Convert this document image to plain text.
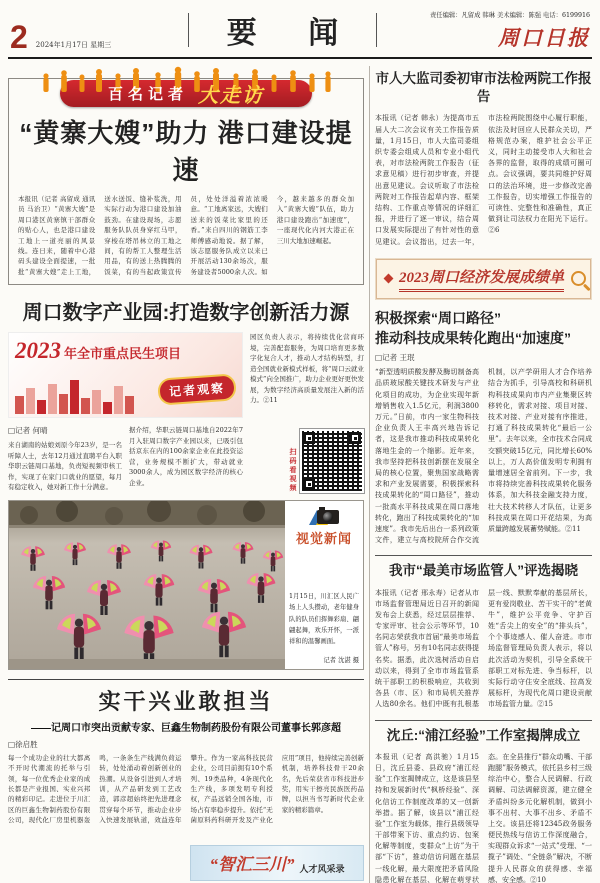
2 2024年1月17日 星期三	要 闻
责任编辑：凡留成 韩琳 美术编辑：陈强 电话：6199916
周口日报
百名记者 大走访
“黄寨大嫂”助力 港口建设提速
本报讯（记者 高留成 通讯员 马治卫）“黄寨大嫂”是周口港区黄寨镇干部群众的贴心人，也是港口建设工地上一道亮丽的风景线。连日来，随着中心港码头建设全面提速，一批批“黄寨大嫂”走上工地，送水送饭、缝补浆洗，用实际行动为港口建设加油鼓劲。在建设现场，志愿服务队队员身穿红马甲，穿梭在塔吊林立的工地之间，有的帮工人整理生活用品，有的送上热腾腾的饭菜，有的当起政策宣传员，处处洋溢着浓浓暖意。“工地离家远，大嫂们送来的饭菜比家里的还香。”来自四川的钢筋工李师傅感动地说。据了解，该志愿服务队成立以来已开展活动130余场次，服务建设者5000余人次。如今，越来越多的群众加入“黄寨大嫂”队伍，助力港口建设跑出“加速度”，一座现代化内河大港正在三川大地加速崛起。
周口数字产业园:打造数字创新活力源
2023 年全市重点民生项目
记者观察
□记者 何晴
来自湖南的姑娘刘原今年23岁，是一名听障人士，去年12月通过直聘平台入职华职云链周口基地，负责短视频审核工作，实现了在家门口就业的愿望，每月有稳定收入，她对新工作十分满意。
据介绍，华职云链周口基地自2022年7月入驻周口数字产业园以来，已吸引包括京东在内的100余家企业在此投资运营，业务规模不断扩大，带动就业3000余人，成为园区数字经济的核心企业。
园区负责人表示，将持续优化营商环境，完善配套服务，为周口培育更多数字化复合人才，推动人才结构转型，打造全国就业新模式样板，将“周口云就业模式”向全国推广，助力企业更好更快发展，为数字经济高质量发展注入新的活力。②11
扫码看视频
视觉新闻

1月15日，川汇区人民广场上人头攒动，老年健身队的队员们挥舞彩扇、翩翩起舞，欢乐开怀，一派祥和的温馨画面。

记者 沈湛 摄
实干兴业敢担当
——记周口市突出贡献专家、巨鑫生物制药股份有限公司董事长郭彦超
□徐启胜
每一个成功企业的壮大都离不开时代潮流的托举与引领，每一位优秀企业家的成长都是产业报国、实业兴邦的精彩印记。走进位于川汇区的巨鑫生物制药股份有限公司，现代化厂房里机器轰鸣，一条条生产线满负荷运转，处处涌动着创新创业的热潮。从设备引进到人才培训，从产品研发到工艺改造，郭彦超始终把先进理念贯穿每个环节，推动企业步入快速发展轨道，效益连年攀升。作为一家高科技民营企业，公司目前拥有10个系列、19类品种，4条现代化生产线，多项发明专利授权，产品远销全国各地，市场占有率稳步提升。依托“无菌原料药科研开发及产业化应用”项目，他持续完善创新机制，培养科技骨干20余名，先后荣获省市科技进步奖，用实干擦亮民族医药品牌，以担当书写新时代企业家的精彩篇章。
“智汇三川” 人才风采录
市人大监司委初审市法检两院工作报告
本报讯（记者 韩永）为提高市五届人大二次会议有关工作报告质量，1月15日，市人大监司委组织专委会组成人员和专业小组代表，对市法检两院工作报告（征求意见稿）进行初步审查，并提出意见建议。会议听取了市法检两院对工作报告起草内容、框架结构、工作重点等情况的详细汇报，并进行了逐一审议，结合周口发展实际提出了有针对性的意见建议。会议指出，过去一年，市法检两院围绕中心履行职能，依法及时回应人民群众关切，严格规范办案，维护社会公平正义，同时主动接受市人大和社会各界的监督，取得的成绩可圈可点。会议强调，要共同维护好周口的法治环境，进一步修改完善工作报告，切实增强工作报告的可读性、完整性和准确性，真正做到让司法权力在阳光下运行。②6
2023周口经济发展成绩单
积极探索“周口路径”
推动科技成果转化跑出“加速度”
□记者 王珉
“新型透明质酸发酵及酶切制备高品质玻尿酸关键技术研发与产业化项目的成功，为企业实现年新增销售收入1.5亿元，利润3800万元。”日前，市内一家生物科技企业负责人王丰高兴地告诉记者，这是我市推动科技成果转化落地生金的一个缩影。近年来，我市坚持把科技创新摆在发展全局的核心位置，聚焦国家战略需求和产业发展需要，积极探索科技成果转化的“周口路径”，推动一批高水平科技成果在周口落地转化，跑出了科技成果转化的“加速度”。我市先后出台一系列政策文件，建立与高校院所合作交流机制，以产学研用人才合作培养结合为抓手，引导高校和科研机构科技成果向市内产业集聚区转移转化，需求对接、项目对接、技术对接、产业对接有序推进，打通了科技成果转化“最后一公里”。去年以来，全市技术合同成交额突破15亿元，同比增长60%以上，万人高价值发明专利拥有量增速居全省前列。下一步，我市将持续完善科技成果转化服务体系，加大科技金融支持力度，壮大技术转移人才队伍，让更多科技成果在周口开花结果，为高质量跨越发展蓄势赋能。②11
我市“最美市场监管人”评选揭晓
本报讯（记者 邢永寿）记者从市市场监督管理局近日召开的新闻发布会上获悉，经过层层推荐、专家评审、社会公示等环节，10名同志荣获我市首届“最美市场监管人”称号，另有10名同志获得提名奖。据悉，此次选树活动自启动以来，得到了全市市场监管系统干部职工的积极响应，共收到各县（市、区）和市局机关推荐人选80余名。他们中既有扎根基层一线、默默奉献的基层所长，更有爱岗敬业、苦干实干的“老黄牛”，维护公平竞争、守护百姓“舌尖上的安全”的“排头兵”，个个事迹感人、催人奋进。市市场监督管理局负责人表示，将以此次活动为契机，引导全系统干部职工对标先进、争当标杆，以实际行动守住安全底线、拉高发展标杆，为现代化周口建设贡献市场监管力量。②15
沈丘:“浦江经验”工作室揭牌成立
本报讯（记者 高洪驰）1月15日，沈丘县委、县政府“浦江经验”工作室揭牌成立，这是该县坚持和发展新时代“枫桥经验”、深化信访工作制度改革的又一创新举措。据了解，该县以“浦江经验”工作室为载体，推行县级领导干部带案下访、重点约访、包案化解等制度，变群众“上访”为干部“下访”，推动信访问题在基层一线化解，最大限度把矛盾风险隐患化解在基层、化解在萌芽状态。在全县推行“群众动嘴、干部跑腿”服务模式，依托县乡村三级综治中心，整合人民调解、行政调解、司法调解资源，建立健全矛盾纠纷多元化解机制，做到小事不出村、大事不出乡、矛盾不上交。该县还将12345政务服务便民热线与信访工作深度融合，实现群众诉求“一站式”受理、“一揽子”调处、“全链条”解决，不断提升人民群众的获得感、幸福感、安全感。②10
